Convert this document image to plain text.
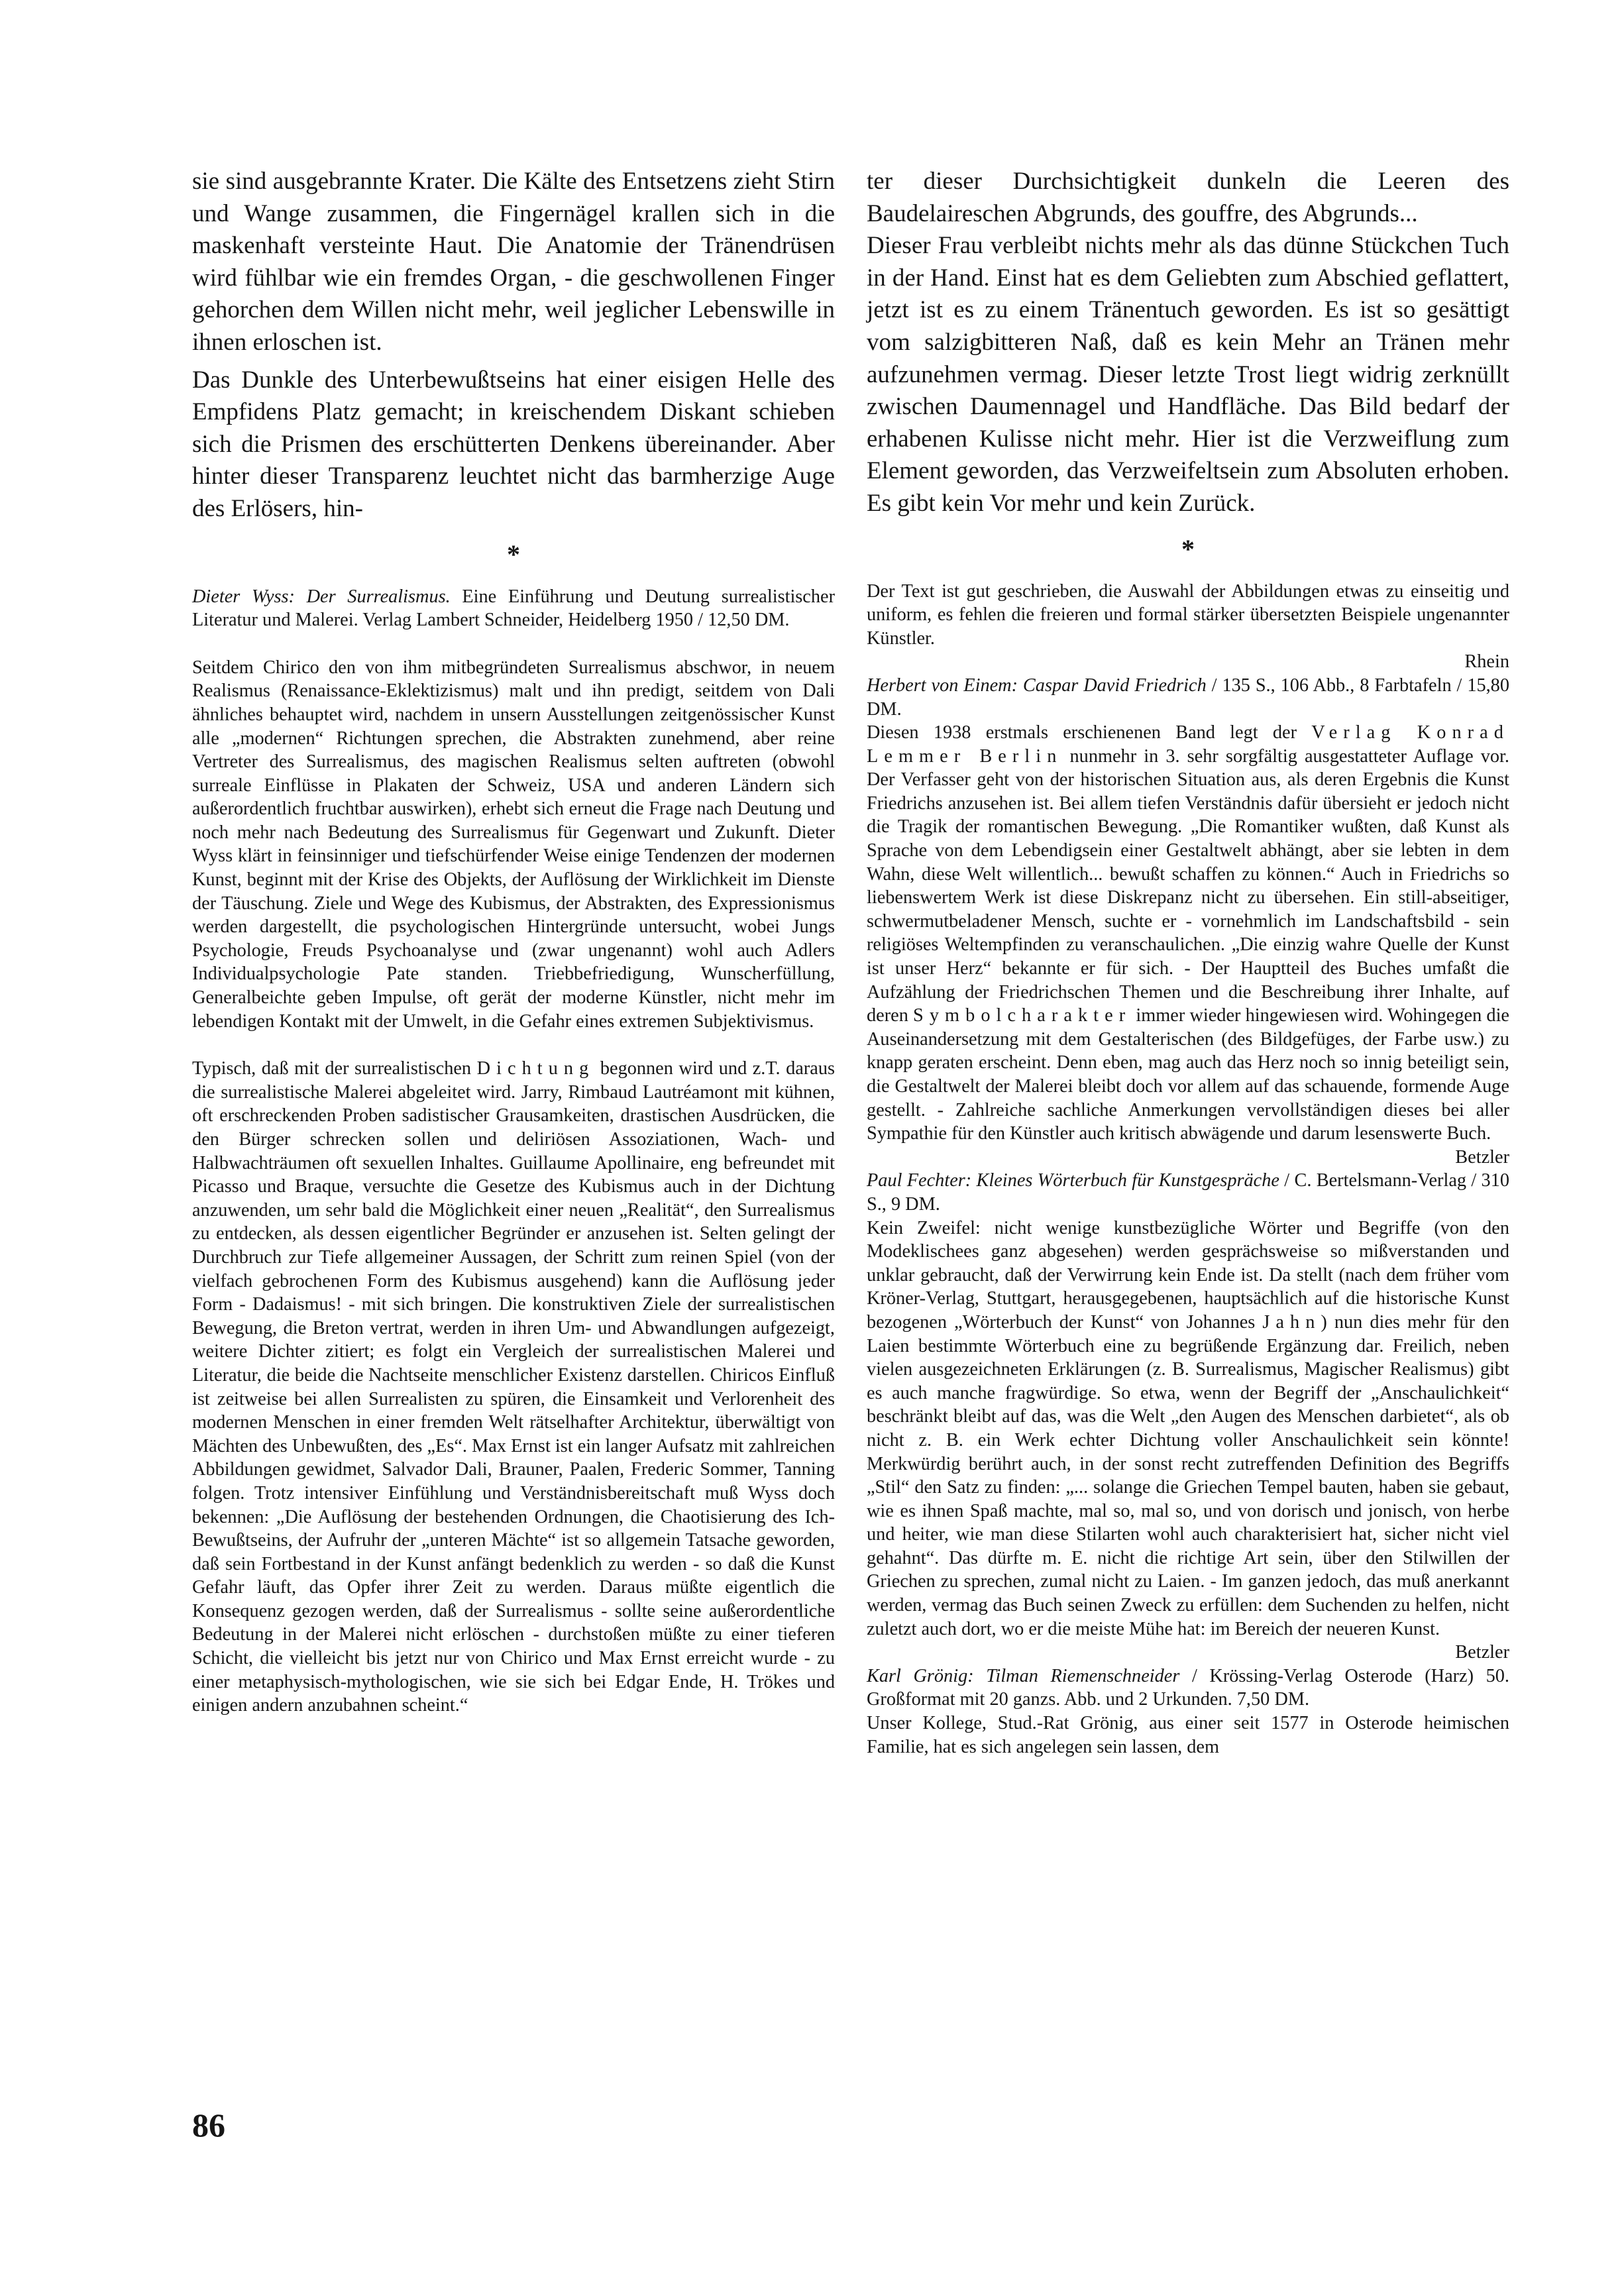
sie sind ausgebrannte Krater. Die Kälte des Entsetzens zieht Stirn und Wange zusammen, die Fingernägel krallen sich in die maskenhaft versteinte Haut. Die Anatomie der Tränendrüsen wird fühlbar wie ein fremdes Organ, - die geschwollenen Finger gehorchen dem Willen nicht mehr, weil jeglicher Lebenswille in ihnen erloschen ist.

Das Dunkle des Unterbewußtseins hat einer eisigen Helle des Empfidens Platz gemacht; in kreischendem Diskant schieben sich die Prismen des erschütterten Denkens übereinander. Aber hinter dieser Transparenz leuchtet nicht das barmherzige Auge des Erlösers, hin-

*

Dieter Wyss: Der Surrealismus. Eine Einführung und Deutung surrealistischer Literatur und Malerei. Verlag Lambert Schneider, Heidelberg 1950 / 12,50 DM.

Seitdem Chirico den von ihm mitbegründeten Surrealismus abschwor, in neuem Realismus (Renaissance-Eklektizismus) malt und ihn predigt, seitdem von Dali ähnliches behauptet wird, nachdem in unsern Ausstellungen zeitgenössischer Kunst alle „modernen“ Richtungen sprechen, die Abstrakten zunehmend, aber reine Vertreter des Surrealismus, des magischen Realismus selten auftreten (obwohl surreale Einflüsse in Plakaten der Schweiz, USA und anderen Ländern sich außerordentlich fruchtbar auswirken), erhebt sich erneut die Frage nach Deutung und noch mehr nach Bedeutung des Surrealismus für Gegenwart und Zukunft. Dieter Wyss klärt in feinsinniger und tiefschürfender Weise einige Tendenzen der modernen Kunst, beginnt mit der Krise des Objekts, der Auflösung der Wirklichkeit im Dienste der Täuschung. Ziele und Wege des Kubismus, der Abstrakten, des Expressionismus werden dargestellt, die psychologischen Hintergründe untersucht, wobei Jungs Psychologie, Freuds Psychoanalyse und (zwar ungenannt) wohl auch Adlers Individualpsychologie Pate standen. Triebbefriedigung, Wunscherfüllung, Generalbeichte geben Impulse, oft gerät der moderne Künstler, nicht mehr im lebendigen Kontakt mit der Umwelt, in die Gefahr eines extremen Subjektivismus.

Typisch, daß mit der surrealistischen Dichtung begonnen wird und z.T. daraus die surrealistische Malerei abgeleitet wird. Jarry, Rimbaud Lautréamont mit kühnen, oft erschreckenden Proben sadistischer Grausamkeiten, drastischen Ausdrücken, die den Bürger schrecken sollen und deliriösen Assoziationen, Wach- und Halbwachträumen oft sexuellen Inhaltes. Guillaume Apollinaire, eng befreundet mit Picasso und Braque, versuchte die Gesetze des Kubismus auch in der Dichtung anzuwenden, um sehr bald die Möglichkeit einer neuen „Realität“, den Surrealismus zu entdecken, als dessen eigentlicher Begründer er anzusehen ist. Selten gelingt der Durchbruch zur Tiefe allgemeiner Aussagen, der Schritt zum reinen Spiel (von der vielfach gebrochenen Form des Kubismus ausgehend) kann die Auflösung jeder Form - Dadaismus! - mit sich bringen. Die konstruktiven Ziele der surrealistischen Bewegung, die Breton vertrat, werden in ihren Um- und Abwandlungen aufgezeigt, weitere Dichter zitiert; es folgt ein Vergleich der surrealistischen Malerei und Literatur, die beide die Nachtseite menschlicher Existenz darstellen. Chiricos Einfluß ist zeitweise bei allen Surrealisten zu spüren, die Einsamkeit und Verlorenheit des modernen Menschen in einer fremden Welt rätselhafter Architektur, überwältigt von Mächten des Unbewußten, des „Es“. Max Ernst ist ein langer Aufsatz mit zahlreichen Abbildungen gewidmet, Salvador Dali, Brauner, Paalen, Frederic Sommer, Tanning folgen. Trotz intensiver Einfühlung und Verständnisbereitschaft muß Wyss doch bekennen: „Die Auflösung der bestehenden Ordnungen, die Chaotisierung des Ich-Bewußtseins, der Aufruhr der „unteren Mächte“ ist so allgemein Tatsache geworden, daß sein Fortbestand in der Kunst anfängt bedenklich zu werden - so daß die Kunst Gefahr läuft, das Opfer ihrer Zeit zu werden. Daraus müßte eigentlich die Konsequenz gezogen werden, daß der Surrealismus - sollte seine außerordentliche Bedeutung in der Malerei nicht erlöschen - durchstoßen müßte zu einer tieferen Schicht, die vielleicht bis jetzt nur von Chirico und Max Ernst erreicht wurde - zu einer metaphysisch-mythologischen, wie sie sich bei Edgar Ende, H. Trökes und einigen andern anzubahnen scheint.“

ter dieser Durchsichtigkeit dunkeln die Leeren des Baudelaireschen Abgrunds, des gouffre, des Abgrunds...

Dieser Frau verbleibt nichts mehr als das dünne Stückchen Tuch in der Hand. Einst hat es dem Geliebten zum Abschied geflattert, jetzt ist es zu einem Tränentuch geworden. Es ist so gesättigt vom salzigbitteren Naß, daß es kein Mehr an Tränen mehr aufzunehmen vermag. Dieser letzte Trost liegt widrig zerknüllt zwischen Daumennagel und Handfläche. Das Bild bedarf der erhabenen Kulisse nicht mehr. Hier ist die Verzweiflung zum Element geworden, das Verzweifeltsein zum Absoluten erhoben. Es gibt kein Vor mehr und kein Zurück.

*

Der Text ist gut geschrieben, die Auswahl der Abbildungen etwas zu einseitig und uniform, es fehlen die freieren und formal stärker übersetzten Beispiele ungenannter Künstler.

Rhein

Herbert von Einem: Caspar David Friedrich / 135 S., 106 Abb., 8 Farbtafeln / 15,80 DM.

Diesen 1938 erstmals erschienenen Band legt der Verlag Konrad Lemmer Berlin nunmehr in 3. sehr sorgfältig ausgestatteter Auflage vor. Der Verfasser geht von der historischen Situation aus, als deren Ergebnis die Kunst Friedrichs anzusehen ist. Bei allem tiefen Verständnis dafür übersieht er jedoch nicht die Tragik der romantischen Bewegung. „Die Romantiker wußten, daß Kunst als Sprache von dem Lebendigsein einer Gestaltwelt abhängt, aber sie lebten in dem Wahn, diese Welt willentlich... bewußt schaffen zu können.“ Auch in Friedrichs so liebenswertem Werk ist diese Diskrepanz nicht zu übersehen. Ein still-abseitiger, schwermutbeladener Mensch, suchte er - vornehmlich im Landschaftsbild - sein religiöses Weltempfinden zu veranschaulichen. „Die einzig wahre Quelle der Kunst ist unser Herz“ bekannte er für sich. - Der Hauptteil des Buches umfaßt die Aufzählung der Friedrichschen Themen und die Beschreibung ihrer Inhalte, auf deren Symbolcharakter immer wieder hingewiesen wird. Wohingegen die Auseinandersetzung mit dem Gestalterischen (des Bildgefüges, der Farbe usw.) zu knapp geraten erscheint. Denn eben, mag auch das Herz noch so innig beteiligt sein, die Gestaltwelt der Malerei bleibt doch vor allem auf das schauende, formende Auge gestellt. - Zahlreiche sachliche Anmerkungen vervollständigen dieses bei aller Sympathie für den Künstler auch kritisch abwägende und darum lesenswerte Buch.

Betzler

Paul Fechter: Kleines Wörterbuch für Kunstgespräche / C. Bertelsmann-Verlag / 310 S., 9 DM.

Kein Zweifel: nicht wenige kunstbezügliche Wörter und Begriffe (von den Modeklischees ganz abgesehen) werden gesprächsweise so mißverstanden und unklar gebraucht, daß der Verwirrung kein Ende ist. Da stellt (nach dem früher vom Kröner-Verlag, Stuttgart, herausgegebenen, hauptsächlich auf die historische Kunst bezogenen „Wörterbuch der Kunst“ von Johannes Jahn) nun dies mehr für den Laien bestimmte Wörterbuch eine zu begrüßende Ergänzung dar. Freilich, neben vielen ausgezeichneten Erklärungen (z. B. Surrealismus, Magischer Realismus) gibt es auch manche fragwürdige. So etwa, wenn der Begriff der „Anschaulichkeit“ beschränkt bleibt auf das, was die Welt „den Augen des Menschen darbietet“, als ob nicht z. B. ein Werk echter Dichtung voller Anschaulichkeit sein könnte! Merkwürdig berührt auch, in der sonst recht zutreffenden Definition des Begriffs „Stil“ den Satz zu finden: „... solange die Griechen Tempel bauten, haben sie gebaut, wie es ihnen Spaß machte, mal so, mal so, und von dorisch und jonisch, von herbe und heiter, wie man diese Stilarten wohl auch charakterisiert hat, sicher nicht viel gehahnt“. Das dürfte m. E. nicht die richtige Art sein, über den Stilwillen der Griechen zu sprechen, zumal nicht zu Laien. - Im ganzen jedoch, das muß anerkannt werden, vermag das Buch seinen Zweck zu erfüllen: dem Suchenden zu helfen, nicht zuletzt auch dort, wo er die meiste Mühe hat: im Bereich der neueren Kunst.

Betzler

Karl Grönig: Tilman Riemenschneider / Krössing-Verlag Osterode (Harz) 50. Großformat mit 20 ganzs. Abb. und 2 Urkunden. 7,50 DM.

Unser Kollege, Stud.-Rat Grönig, aus einer seit 1577 in Osterode heimischen Familie, hat es sich angelegen sein lassen, dem

86
